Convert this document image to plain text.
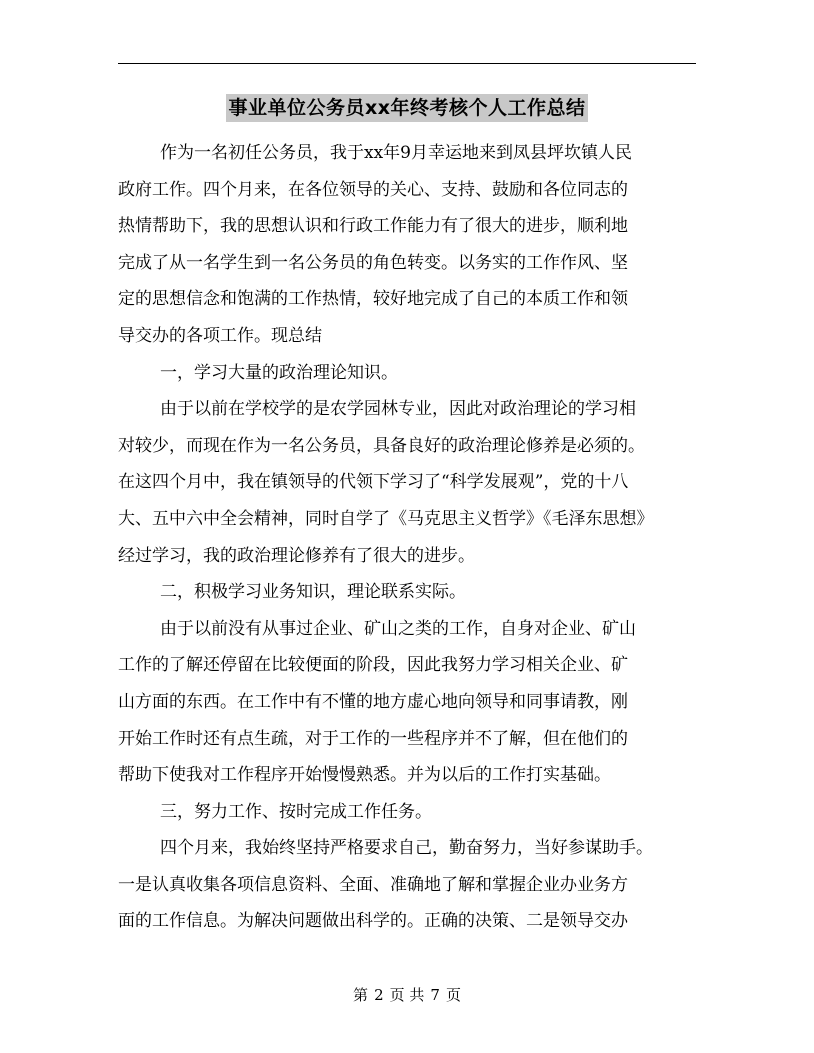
事业单位公务员xx年终考核个人工作总结
作为一名初任公务员，我于xx年9月幸运地来到凤县坪坎镇人民
政府工作。四个月来，在各位领导的关心、支持、鼓励和各位同志的
热情帮助下，我的思想认识和行政工作能力有了很大的进步，顺利地
完成了从一名学生到一名公务员的角色转变。以务实的工作作风、坚
定的思想信念和饱满的工作热情，较好地完成了自己的本质工作和领
导交办的各项工作。现总结
一，学习大量的政治理论知识。
由于以前在学校学的是农学园林专业，因此对政治理论的学习相
对较少，而现在作为一名公务员，具备良好的政治理论修养是必须的。
在这四个月中，我在镇领导的代领下学习了“科学发展观”，党的十八
大、五中六中全会精神，同时自学了《马克思主义哲学》《毛泽东思想》
经过学习，我的政治理论修养有了很大的进步。
二，积极学习业务知识，理论联系实际。
由于以前没有从事过企业、矿山之类的工作，自身对企业、矿山
工作的了解还停留在比较便面的阶段，因此我努力学习相关企业、矿
山方面的东西。在工作中有不懂的地方虚心地向领导和同事请教，刚
开始工作时还有点生疏，对于工作的一些程序并不了解，但在他们的
帮助下使我对工作程序开始慢慢熟悉。并为以后的工作打实基础。
三，努力工作、按时完成工作任务。
四个月来，我始终坚持严格要求自己，勤奋努力，当好参谋助手。
一是认真收集各项信息资料、全面、准确地了解和掌握企业办业务方
面的工作信息。为解决问题做出科学的。正确的决策、二是领导交办
第 2 页 共 7 页
